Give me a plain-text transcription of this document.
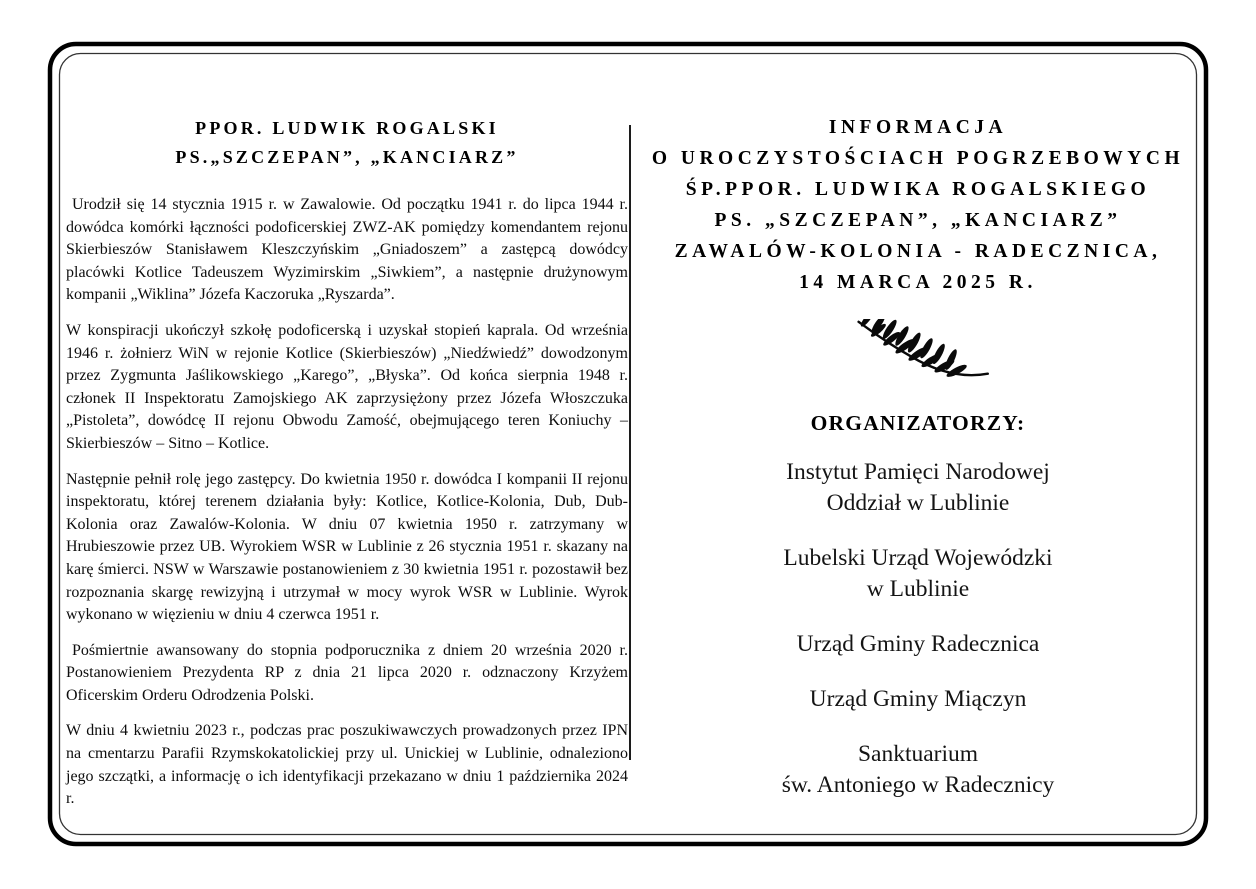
PPOR. LUDWIK ROGALSKI
PS.„SZCZEPAN”, „KANCIARZ”

Urodził się 14 stycznia 1915 r. w Zawalowie. Od początku 1941 r. do lipca 1944 r. dowódca komórki łączności podoficerskiej ZWZ-AK pomiędzy komendantem rejonu Skierbieszów Stanisławem Kleszczyńskim „Gniadoszem” a zastępcą dowódcy placówki Kotlice Tadeuszem Wyzimirskim „Siwkiem”, a następnie drużynowym kompanii „Wiklina” Józefa Kaczoruka „Ryszarda”.

W konspiracji ukończył szkołę podoficerską i uzyskał stopień kaprala. Od września 1946 r. żołnierz WiN w rejonie Kotlice (Skierbieszów) „Niedźwiedź” dowodzonym przez Zygmunta Jaślikowskiego „Karego”, „Błyska”. Od końca sierpnia 1948 r. członek II Inspektoratu Zamojskiego AK zaprzysiężony przez Józefa Włoszczuka „Pistoleta”, dowódcę II rejonu Obwodu Zamość, obejmującego teren Koniuchy – Skierbieszów – Sitno – Kotlice.

Następnie pełnił rolę jego zastępcy. Do kwietnia 1950 r. dowódca I kompanii II rejonu inspektoratu, której terenem działania były: Kotlice, Kotlice-Kolonia, Dub, Dub-Kolonia oraz Zawalów-Kolonia. W dniu 07 kwietnia 1950 r. zatrzymany w Hrubieszowie przez UB. Wyrokiem WSR w Lublinie z 26 stycznia 1951 r. skazany na karę śmierci. NSW w Warszawie postanowieniem z 30 kwietnia 1951 r. pozostawił bez rozpoznania skargę rewizyjną i utrzymał w mocy wyrok WSR w Lublinie. Wyrok wykonano w więzieniu w dniu 4 czerwca 1951 r.

Pośmiertnie awansowany do stopnia podporucznika z dniem 20 września 2020 r. Postanowieniem Prezydenta RP z dnia 21 lipca 2020 r. odznaczony Krzyżem Oficerskim Orderu Odrodzenia Polski.

W dniu 4 kwietniu 2023 r., podczas prac poszukiwawczych prowadzonych przez IPN na cmentarzu Parafii Rzymskokatolickiej przy ul. Unickiej w Lublinie, odnaleziono jego szczątki, a informację o ich identyfikacji przekazano w dniu 1 października 2024 r.

INFORMACJA
O UROCZYSTOŚCIACH POGRZEBOWYCH
ŚP.PPOR. LUDWIKA ROGALSKIEGO
PS. „SZCZEPAN”, „KANCIARZ”
ZAWALÓW-KOLONIA - RADECZNICA,
14 MARCA 2025 R.
ORGANIZATORZY:
Instytut Pamięci Narodowej
Oddział w Lublinie
Lubelski Urząd Wojewódzki
w Lublinie
Urząd Gminy Radecznica
Urząd Gminy Miączyn
Sanktuarium
św. Antoniego w Radecznicy
